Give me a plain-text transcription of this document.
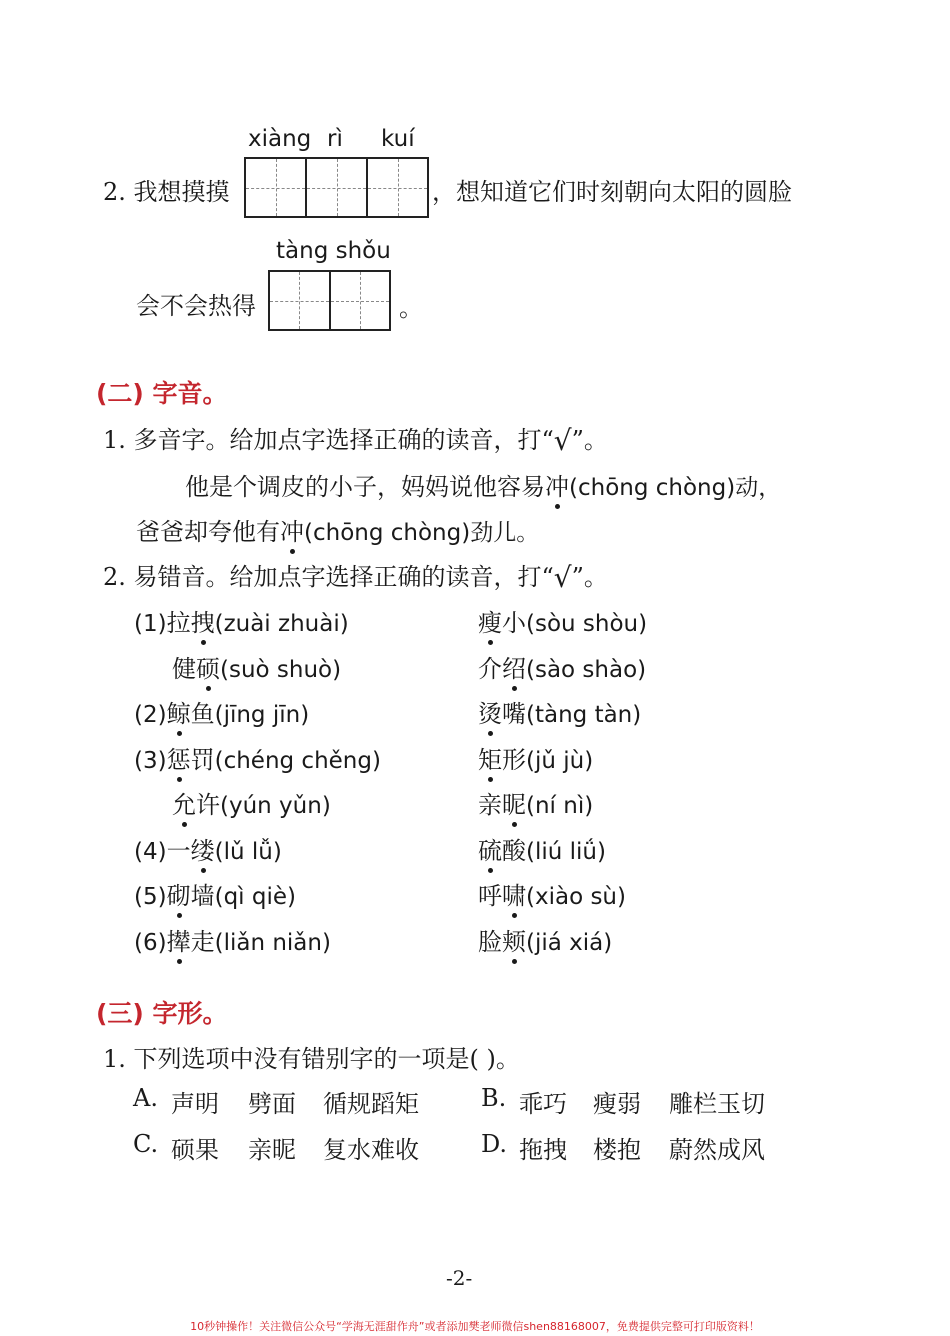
xiàng rì kuí
2. 我想摸摸	，想知道它们时刻朝向太阳的圆脸
tàng shǒu
会不会热得	。
(二) 字音。
1. 多音字。给加点字选择正确的读音，打“√”。
他是个调皮的小子，妈妈说他容易冲(chōng chòng)动，
爸爸却夸他有冲(chōng chòng)劲儿。
2. 易错音。给加点字选择正确的读音，打“√”。
(1)拉拽(zuài zhuài)	瘦小(sòu shòu)
健硕(suò shuò)	介绍(sào shào)
(2)鲸鱼(jīng jīn)	烫嘴(tàng tàn)
(3)惩罚(chéng chěng)	矩形(jǔ jù)
允许(yún yǔn)	亲昵(ní nì)
(4)一缕(lǔ lǚ)	硫酸(liú liǘ)
(5)砌墙(qì qiè)	呼啸(xiào sù)
(6)撵走(liǎn niǎn)	脸颊(jiá xiá)
(三) 字形。
1. 下列选项中没有错别字的一项是( )。
A. 声明 劈面 循规蹈矩	B. 乖巧 瘦弱 雕栏玉切
C. 硕果 亲昵 复水难收	D. 拖拽 楼抱 蔚然成风
-2-
10秒钟操作！关注微信公众号“学海无涯甜作舟”或者添加樊老师微信shen88168007，免费提供完整可打印版资料！
